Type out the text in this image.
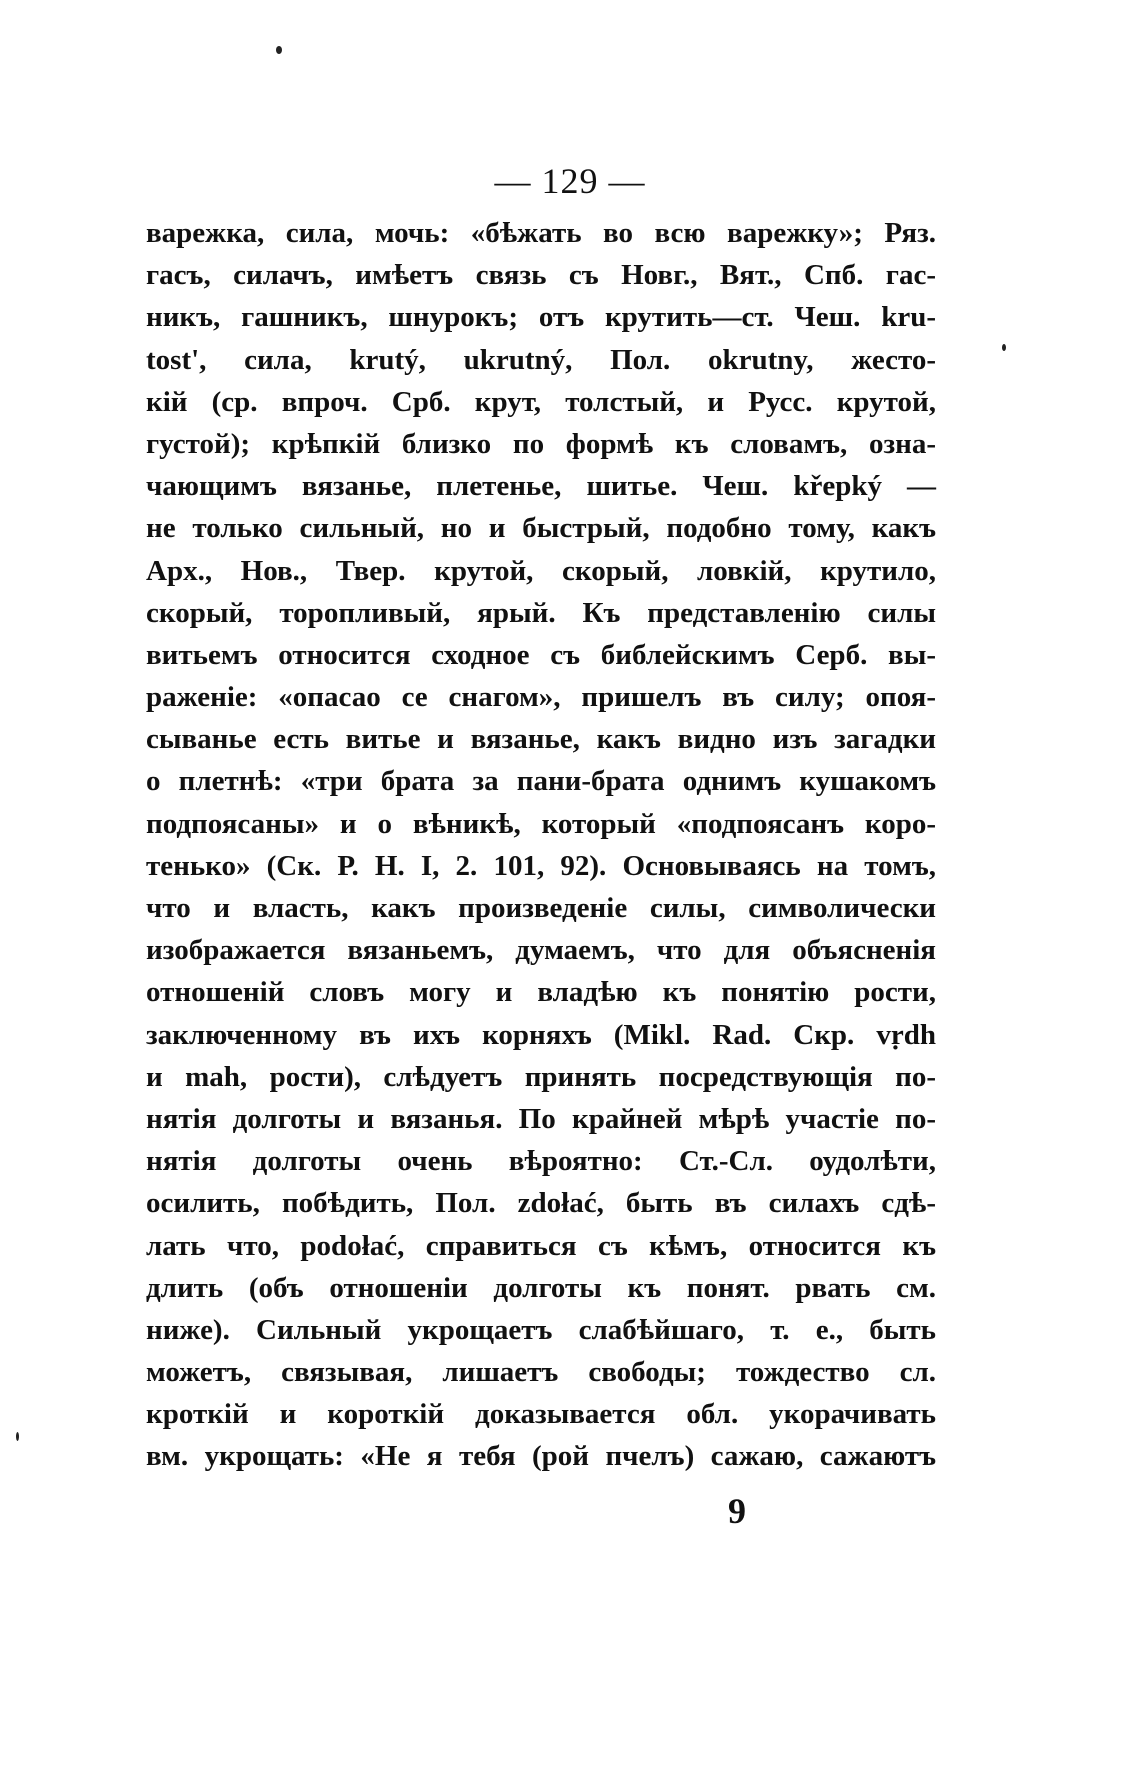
— 129 —
варежка, сила, мочь: «бѣжать во всю варежку»; Ряз.
гасъ, силачъ, имѣетъ связь съ Новг., Вят., Спб. гас-
никъ, гашникъ, шнурокъ; отъ крутить—ст. Чеш. kru-
tost', сила, krutý, ukrutný, Пол. okrutny, жесто-
кій (ср. впроч. Срб. крут, толстый, и Русс. крутой,
густой); крѣпкій близко по формѣ къ словамъ, озна-
чающимъ вязанье, плетенье, шитье. Чеш. křepký —
не только сильный, но и быстрый, подобно тому, какъ
Арх., Нов., Твер. крутой, скорый, ловкій, крутило,
скорый, торопливый, ярый. Къ представленію силы
витьемъ относится сходное съ библейскимъ Серб. вы-
раженіе: «опасао се снагом», пришелъ въ силу; опоя-
сыванье есть витье и вязанье, какъ видно изъ загадки
о плетнѣ: «три брата за пани-брата однимъ кушакомъ
подпоясаны» и о вѣникѣ, который «подпоясанъ коро-
тенько» (Ск. Р. Н. I, 2. 101, 92). Основываясь на томъ,
что и власть, какъ произведеніе силы, символически
изображается вязаньемъ, думаемъ, что для объясненія
отношеній словъ могу и владѣю къ понятію рости,
заключенному въ ихъ корняхъ (Mikl. Rad. Скр. vṛdh
и mah, рости), слѣдуетъ принять посредствующія по-
нятія долготы и вязанья. По крайней мѣрѣ участіе по-
нятія долготы очень вѣроятно: Ст.-Сл. оудолѣти,
осилить, побѣдить, Пол. zdołać, быть въ силахъ сдѣ-
лать что, podołać, справиться съ кѣмъ, относится къ
длить (объ отношеніи долготы къ понят. рвать см.
ниже). Сильный укрощаетъ слабѣйшаго, т. е., быть
можетъ, связывая, лишаетъ свободы; тождество сл.
кроткій и короткій доказывается обл. укорачивать
вм. укрощать: «Не я тебя (рой пчелъ) сажаю, сажаютъ
9
